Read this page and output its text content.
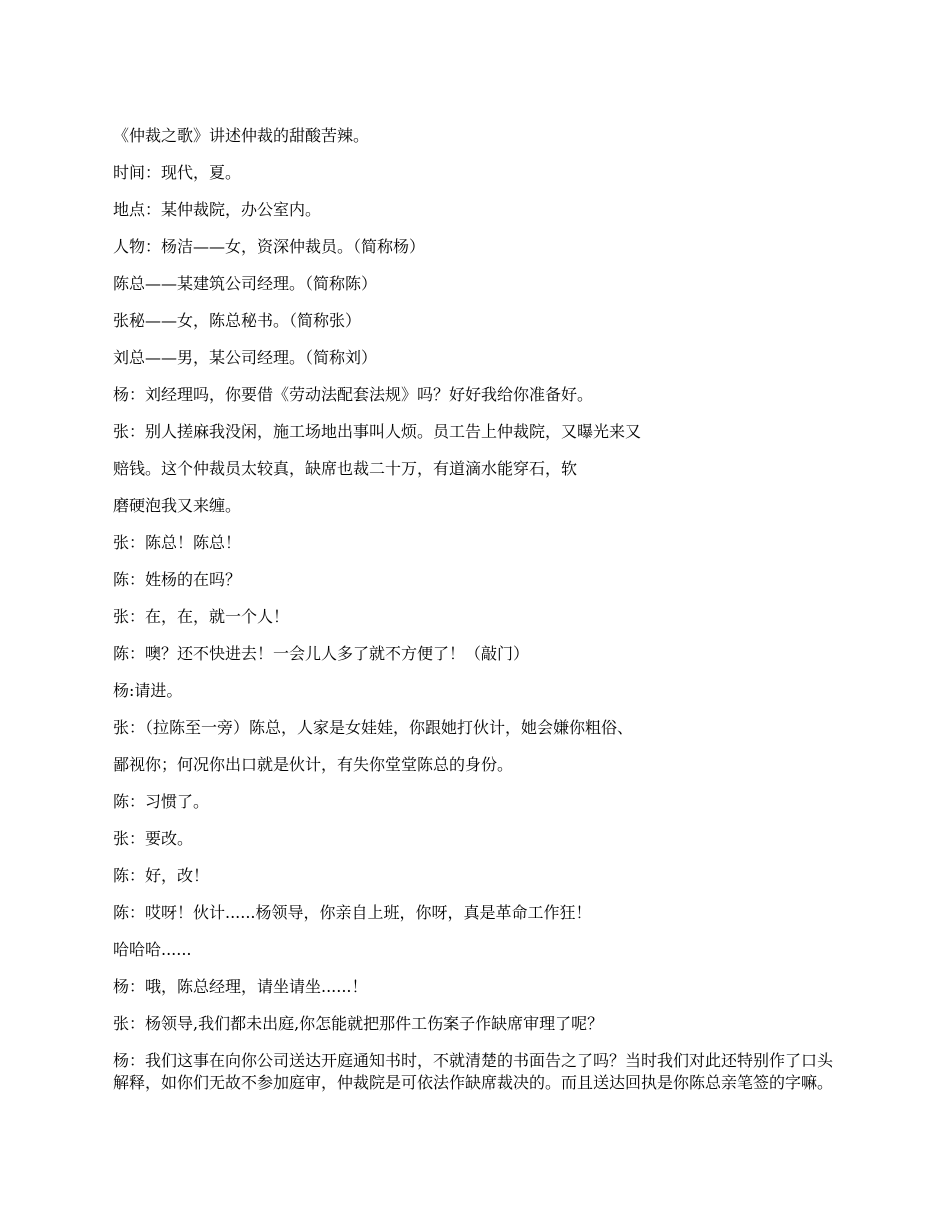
《仲裁之歌》讲述仲裁的甜酸苦辣。
时间：现代，夏。
地点：某仲裁院，办公室内。
人物：杨洁——女，资深仲裁员。（简称杨）
陈总——某建筑公司经理。（简称陈）
张秘——女，陈总秘书。（简称张）
刘总——男，某公司经理。（简称刘）
杨：刘经理吗，你要借《劳动法配套法规》吗？好好我给你准备好。
张：别人搓麻我没闲，施工场地出事叫人烦。员工告上仲裁院，又曝光来又
赔钱。这个仲裁员太较真，缺席也裁二十万，有道滴水能穿石，软
磨硬泡我又来缠。
张：陈总！陈总！
陈：姓杨的在吗？
张：在，在，就一个人！
陈：噢？还不快进去！一会儿人多了就不方便了！（敲门）
杨:请进。
张：（拉陈至一旁）陈总，人家是女娃娃，你跟她打伙计，她会嫌你粗俗、
鄙视你；何况你出口就是伙计，有失你堂堂陈总的身份。
陈：习惯了。
张：要改。
陈：好，改！
陈：哎呀！伙计......杨领导，你亲自上班，你呀，真是革命工作狂！
哈哈哈......
杨：哦，陈总经理，请坐请坐......！
张：杨领导,我们都未出庭,你怎能就把那件工伤案子作缺席审理了呢？
杨：我们这事在向你公司送达开庭通知书时，不就清楚的书面告之了吗？当时我们对此还特别作了口头解释，如你们无故不参加庭审，仲裁院是可依法作缺席裁决的。而且送达回执是你陈总亲笔签的字嘛。
